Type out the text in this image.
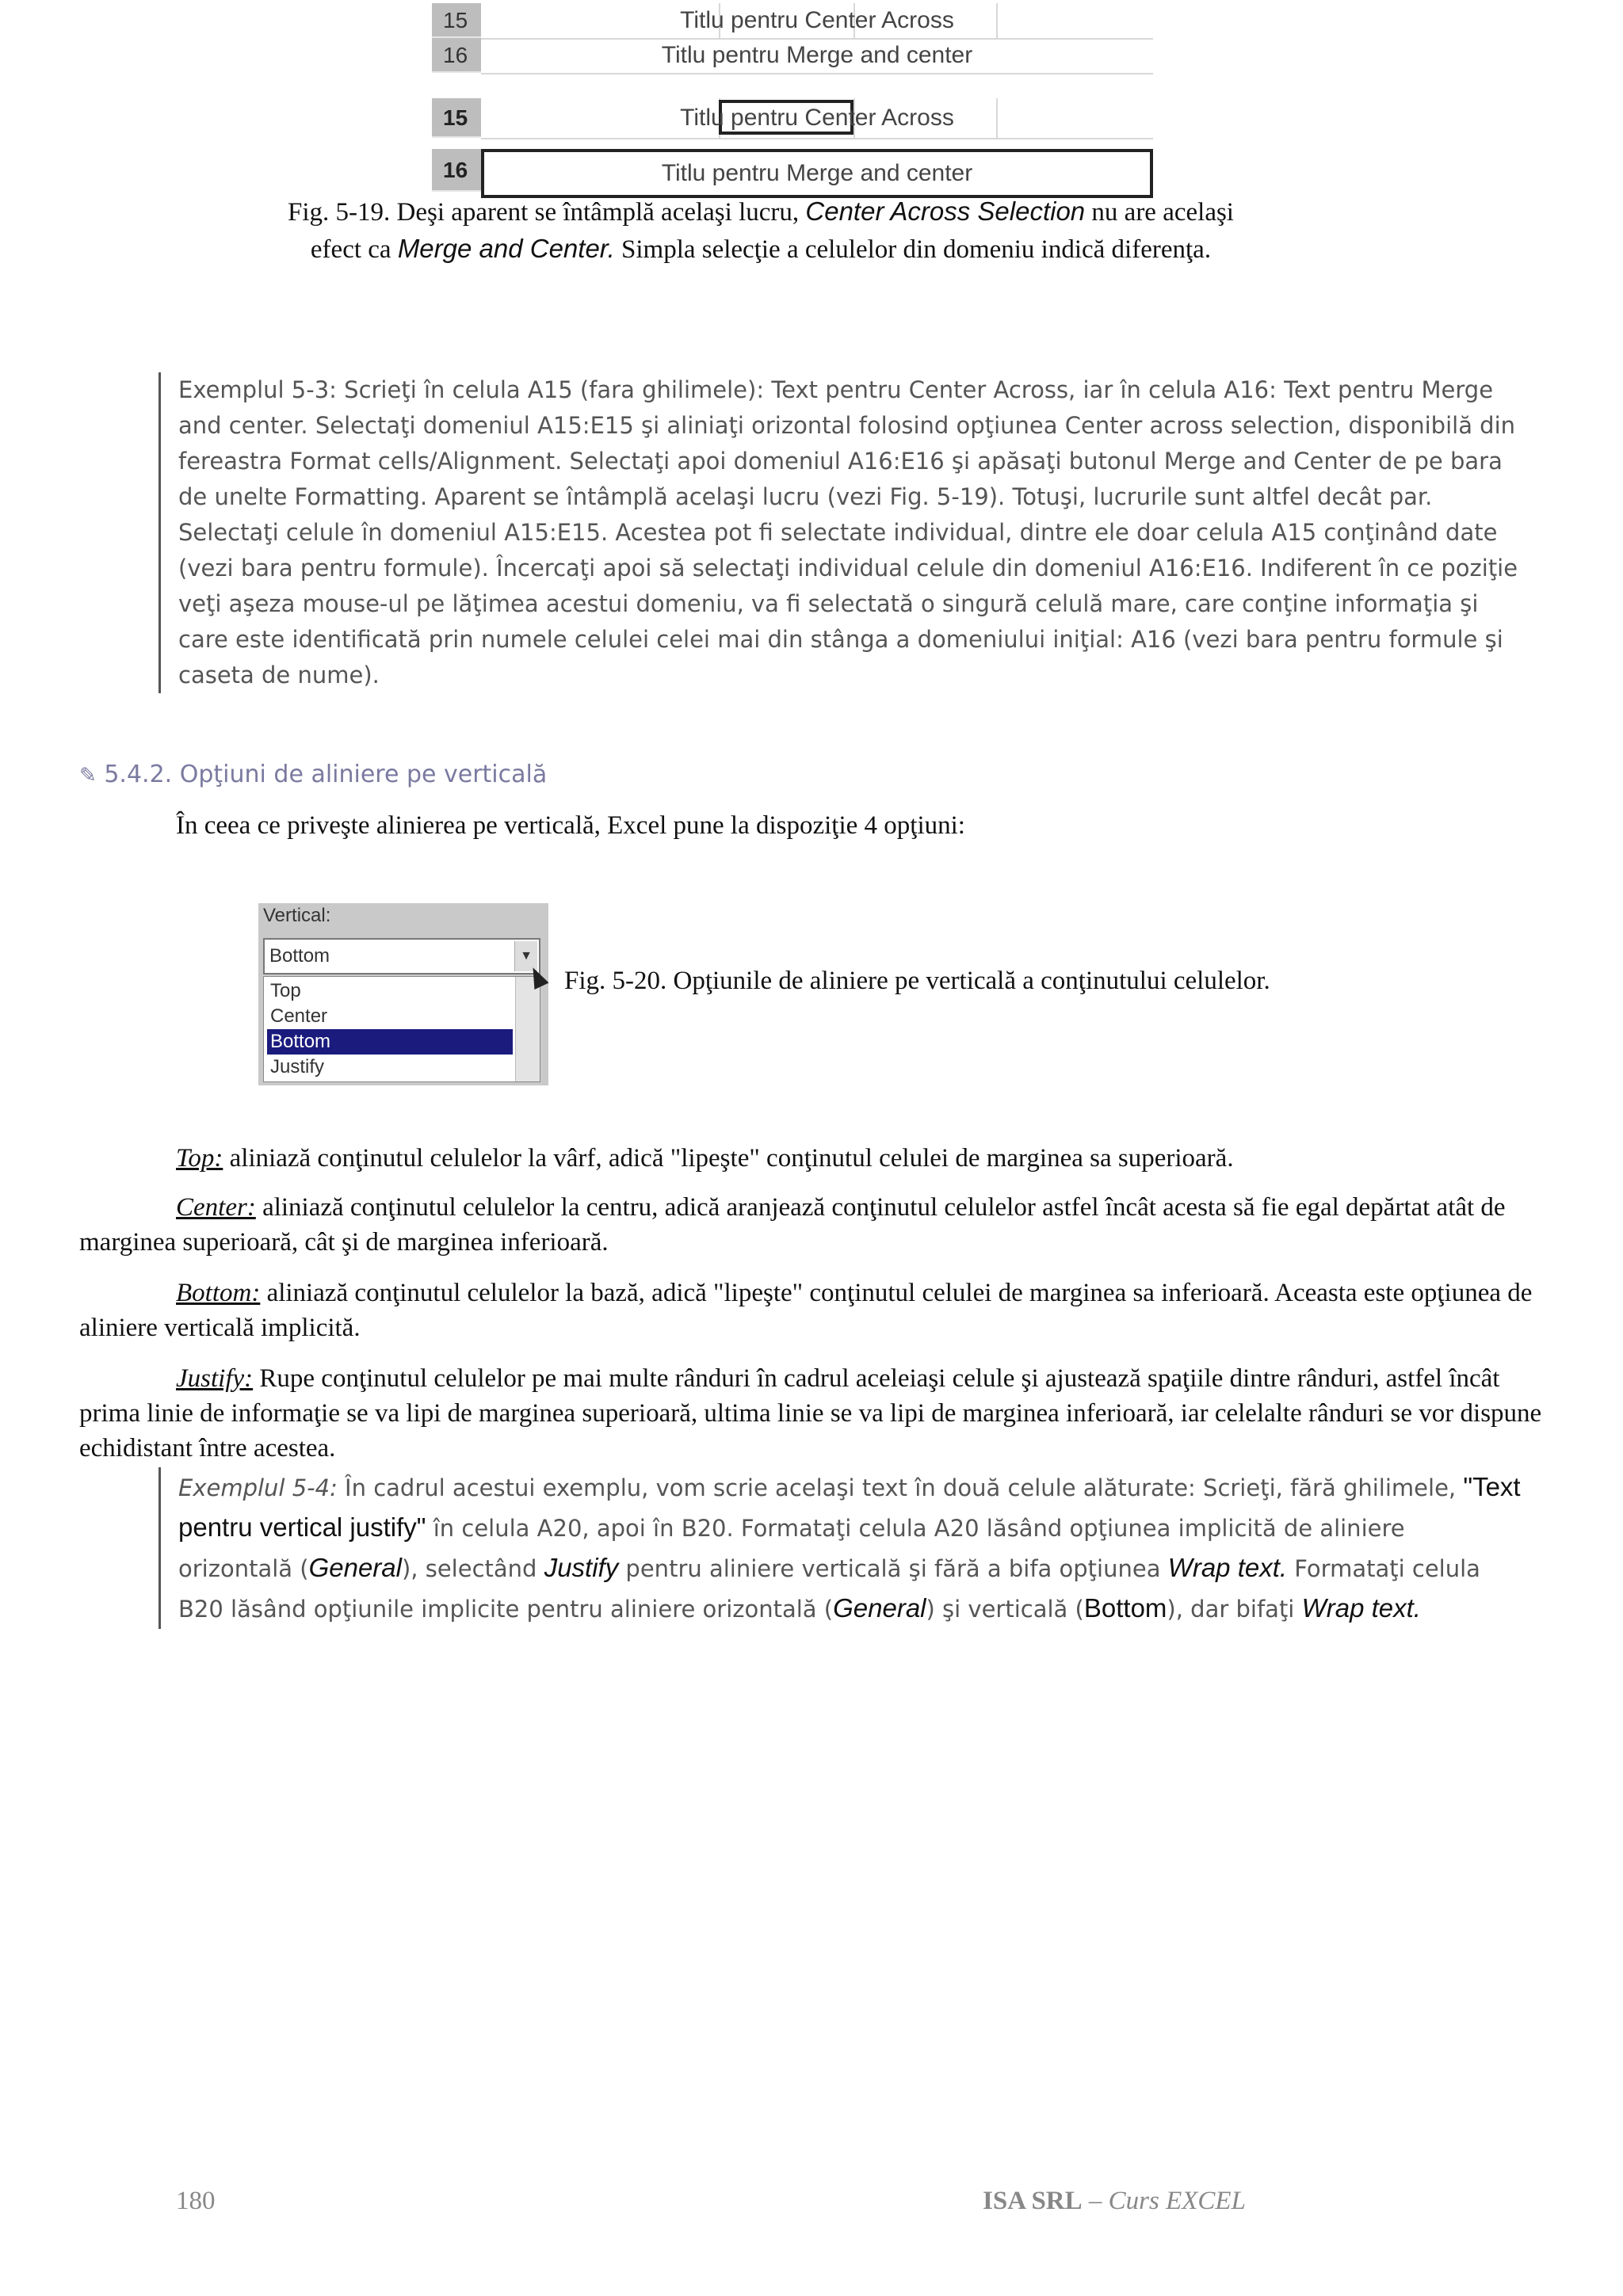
15	Titlu pentru Center Across
16	Titlu pentru Merge and center
15	Titlu pentru Center Across
16	Titlu pentru Merge and center
Fig. 5-19. Deşi aparent se întâmplă acelaşi lucru, Center Across Selection nu are acelaşi
efect ca Merge and Center. Simpla selecţie a celulelor din domeniu indică diferenţa.

Exemplul 5-3: Scrieţi în celula A15 (fara ghilimele): Text pentru Center Across, iar în celula A16: Text pentru Merge and center. Selectaţi domeniul A15:E15 şi aliniaţi orizontal folosind opţiunea Center across selection, disponibilă din fereastra Format cells/Alignment. Selectaţi apoi domeniul A16:E16 şi apăsaţi butonul Merge and Center de pe bara de unelte Formatting. Aparent se întâmplă acelaşi lucru (vezi Fig. 5-19). Totuşi, lucrurile sunt altfel decât par. Selectaţi celule în domeniul A15:E15. Acestea pot fi selectate individual, dintre ele doar celula A15 conţinând date (vezi bara pentru formule). Încercaţi apoi să selectaţi individual celule din domeniul A16:E16. Indiferent în ce poziţie veţi aşeza mouse-ul pe lăţimea acestui domeniu, va fi selectată o singură celulă mare, care conţine informaţia şi care este identificată prin numele celulei celei mai din stânga a domeniului iniţial: A16 (vezi bara pentru formule şi caseta de nume).

✎ 5.4.2. Opţiuni de aliniere pe verticală
În ceea ce priveşte alinierea pe verticală, Excel pune la dispoziţie 4 opţiuni:
Vertical:
Bottom	▼
Top
Center
Bottom
Justify
Fig. 5-20. Opţiunile de aliniere pe verticală a conţinutului celulelor.
Top: aliniază conţinutul celulelor la vârf, adică "lipeşte" conţinutul celulei de marginea sa superioară.
Center: aliniază conţinutul celulelor la centru, adică aranjează conţinutul celulelor astfel încât acesta să fie egal depărtat atât de marginea superioară, cât şi de marginea inferioară.
Bottom: aliniază conţinutul celulelor la bază, adică "lipeşte" conţinutul celulei de marginea sa inferioară. Aceasta este opţiunea de aliniere verticală implicită.
Justify: Rupe conţinutul celulelor pe mai multe rânduri în cadrul aceleiaşi celule şi ajustează spaţiile dintre rânduri, astfel încât prima linie de informaţie se va lipi de marginea superioară, ultima linie se va lipi de marginea inferioară, iar celelalte rânduri se vor dispune echidistant între acestea.

Exemplul 5-4: În cadrul acestui exemplu, vom scrie acelaşi text în două celule alăturate: Scrieţi, fără ghilimele, "Text pentru vertical justify" în celula A20, apoi în B20. Formataţi celula A20 lăsând opţiunea implicită de aliniere orizontală (General), selectând Justify pentru aliniere verticală şi fără a bifa opţiunea Wrap text. Formataţi celula B20 lăsând opţiunile implicite pentru aliniere orizontală (General) şi verticală (Bottom), dar bifaţi Wrap text.

180	ISA SRL – Curs EXCEL
